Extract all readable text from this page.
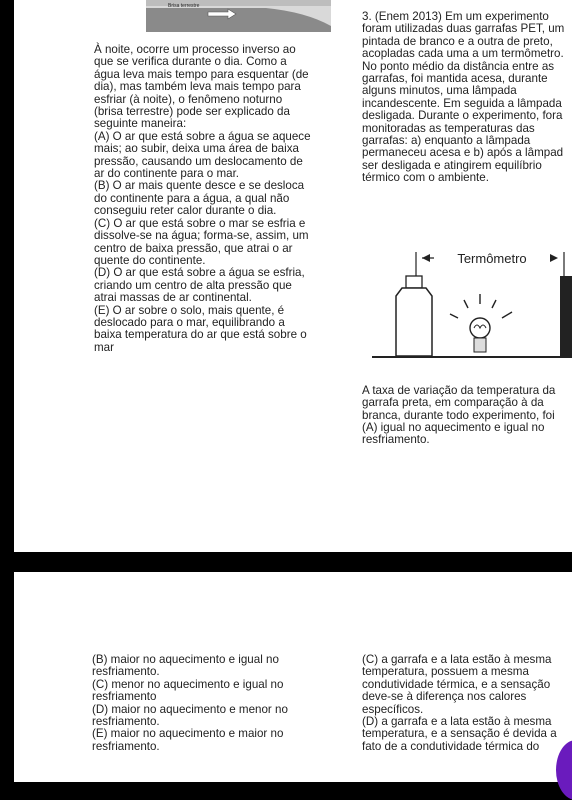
Brisa terrestre

À noite, ocorre um processo inverso ao

que se verifica durante o dia. Como a

água leva mais tempo para esquentar (de

dia), mas também leva mais tempo para

esfriar (à noite), o fenômeno noturno

(brisa terrestre) pode ser explicado da

seguinte maneira:

(A) O ar que está sobre a água se aquece

mais; ao subir, deixa uma área de baixa

pressão, causando um deslocamento de

ar do continente para o mar.

(B) O ar mais quente desce e se desloca

do continente para a água, a qual não

conseguiu reter calor durante o dia.

(C) O ar que está sobre o mar se esfria e

dissolve-se na água; forma-se, assim, um

centro de baixa pressão, que atrai o ar

quente do continente.

(D) O ar que está sobre a água se esfria,

criando um centro de alta pressão que

atrai massas de ar continental.

(E) O ar sobre o solo, mais quente, é

deslocado para o mar, equilibrando a

baixa temperatura do ar que está sobre o

mar

3. (Enem 2013) Em um experimento

foram utilizadas duas garrafas PET, um

pintada de branco e a outra de preto,

acopladas cada uma a um termômetro.

No ponto médio da distância entre as

garrafas, foi mantida acesa, durante

alguns minutos, uma lâmpada

incandescente. Em seguida a lâmpada

desligada. Durante o experimento, fora

monitoradas as temperaturas das

garrafas: a) enquanto a lâmpada

permaneceu acesa e b) após a lâmpad

ser desligada e atingirem equilíbrio

térmico com o ambiente.

A taxa de variação da temperatura da

garrafa preta, em comparação à da

branca, durante todo experimento, foi

(A) igual no aquecimento e igual no

resfriamento.

Termômetro

(B) maior no aquecimento e igual no

resfriamento.

(C) menor no aquecimento e igual no

resfriamento

(D) maior no aquecimento e menor no

resfriamento.

(E) maior no aquecimento e maior no

resfriamento.

(C) a garrafa e a lata estão à mesma

temperatura, possuem a mesma

condutividade térmica, e a sensação

deve-se à diferença nos calores

específicos.

(D) a garrafa e a lata estão à mesma

temperatura, e a sensação é devida a

fato de a condutividade térmica do
